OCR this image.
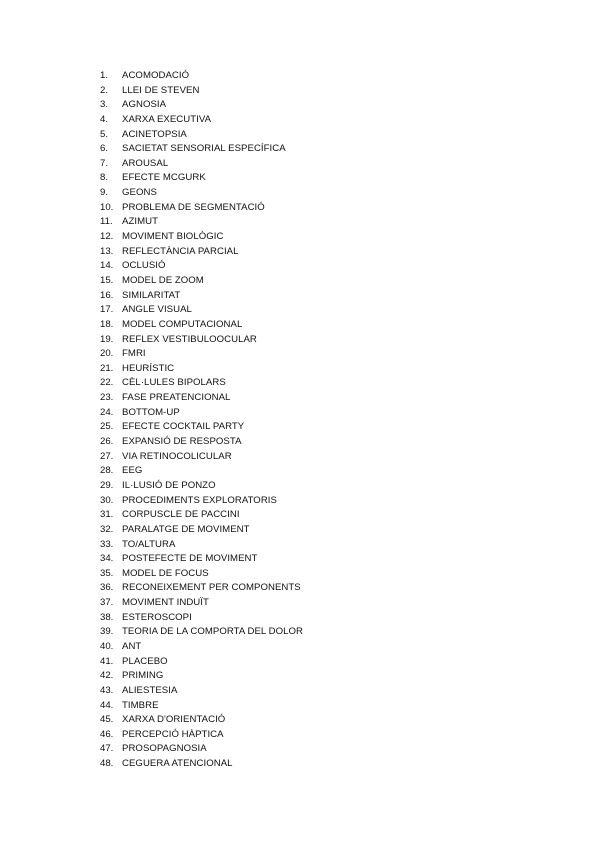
1.	ACOMODACIÓ
2.	LLEI DE STEVEN
3.	AGNOSIA
4.	XARXA EXECUTIVA
5.	ACINETOPSIA
6.	SACIETAT SENSORIAL ESPECÍFICA
7.	AROUSAL
8.	EFECTE MCGURK
9.	GEONS
10. PROBLEMA DE SEGMENTACIÓ
11. AZIMUT
12. MOVIMENT BIOLÒGIC
13. REFLECTÀNCIA PARCIAL
14. OCLUSIÓ
15. MODEL DE ZOOM
16. SIMILARITAT
17. ANGLE VISUAL
18. MODEL COMPUTACIONAL
19. REFLEX VESTIBULOOCULAR
20. FMRI
21. HEURÍSTIC
22. CÈL·LULES BIPOLARS
23. FASE PREATENCIONAL
24. BOTTOM-UP
25. EFECTE COCKTAIL PARTY
26. EXPANSIÓ DE RESPOSTA
27. VIA RETINOCOLICULAR
28. EEG
29. IL·LUSIÓ DE PONZO
30. PROCEDIMENTS EXPLORATORIS
31. CORPUSCLE DE PACCINI
32. PARALATGE DE MOVIMENT
33. TO/ALTURA
34. POSTEFECTE DE MOVIMENT
35. MODEL DE FOCUS
36. RECONEIXEMENT PER COMPONENTS
37. MOVIMENT INDUÏT
38. ESTEROSCOPI
39. TEORIA DE LA COMPORTA DEL DOLOR
40. ANT
41. PLACEBO
42. PRIMING
43. ALIESTESIA
44. TIMBRE
45. XARXA D'ORIENTACIÓ
46. PERCEPCIÓ HÀPTICA
47. PROSOPAGNOSIA
48. CEGUERA ATENCIONAL
